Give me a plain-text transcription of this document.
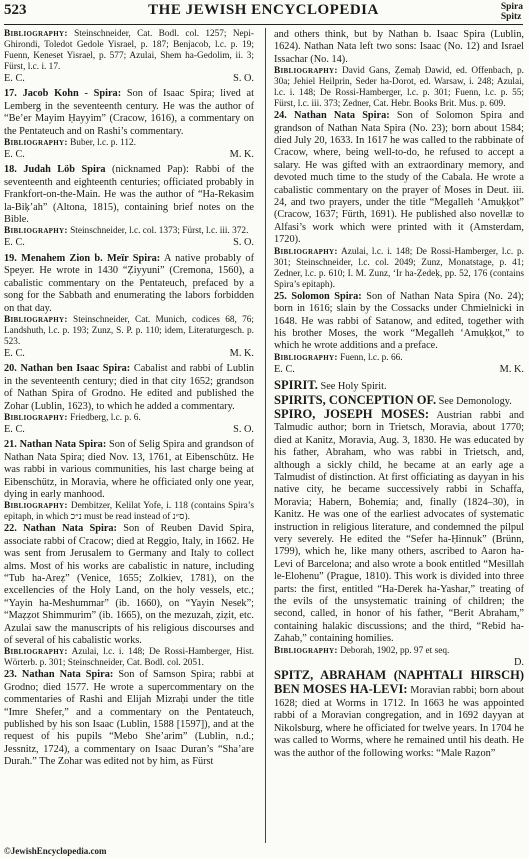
523	THE JEWISH ENCYCLOPEDIA	Spira
Spitz

Bibliography: Steinschneider, Cat. Bodl. col. 1257; Nepi-Ghirondi, Toledot Gedole Yisrael, p. 187; Benjacob, l.c. p. 19; Fuenn, Keneset Yisrael, p. 577; Azulai, Shem ha-Gedolim, ii. 3; Fürst, l.c. i. 17.

E. C.	S. O.

17. Jacob Kohn - Spira: Son of Isaac Spira; lived at Lemberg in the seventeenth century. He was the author of “Be’er Mayim Ḥayyim” (Cracow, 1616), a commentary on the Pentateuch and on Rashi’s commentary.

Bibliography: Buber, l.c. p. 112.

E. C.	M. K.

18. Judah Löb Spira (nicknamed Pap): Rabbi of the seventeenth and eighteenth centuries; officiated probably in Frankfort-on-the-Main. He was the author of “Ha-Rekasim la-Biḳ’ah” (Altona, 1815), containing brief notes on the Bible.

Bibliography: Steinschneider, l.c. col. 1373; Fürst, l.c. iii. 372.

E. C.	S. O.

19. Menahem Zion b. Meïr Spira: A native probably of Speyer. He wrote in 1430 “Ẓiyyuni” (Cremona, 1560), a cabalistic commentary on the Pentateuch, prefaced by a song for the Sabbath and enumerating the labors forbidden on that day.

Bibliography: Steinschneider, Cat. Munich, codices 68, 76; Landshuth, l.c. p. 193; Zunz, S. P. p. 110; idem, Literaturgesch. p. 523.

E. C.	M. K.

20. Nathan ben Isaac Spira: Cabalist and rabbi of Lublin in the seventeenth century; died in that city 1652; grandson of Nathan Spira of Grodno. He edited and published the Zohar (Lublin, 1623), to which he added a commentary.

Bibliography: Friedberg, l.c. p. 6.

E. C.	S. O.

21. Nathan Nata Spira: Son of Selig Spira and grandson of Nathan Nata Spira; died Nov. 13, 1761, at Eibenschütz. He was rabbi in various communities, his last charge being at Eibenschütz, in Moravia, where he officiated only one year, dying in early manhood.

Bibliography: Dembitzer, Kelilat Yofe, i. 118 (contains Spira’s epitaph, in which נ״כ must be read instead of ס״נ).

22. Nathan Nata Spira: Son of Reuben David Spira, associate rabbi of Cracow; died at Reggio, Italy, in 1662. He was sent from Jerusalem to Germany and Italy to collect alms. Most of his works are cabalistic in nature, including “Tub ha-Areẓ” (Venice, 1655; Zolkiev, 1781), on the excellencies of the Holy Land, on the holy vessels, etc.; “Yayin ha-Meshummar” (ib. 1660), on “Yayin Nesek”; “Maẓẓot Shimmurim” (ib. 1665), on the mezuzah, ẓiẓit, etc. Azulai saw the manuscripts of his religious discourses and of several of his cabalistic works.

Bibliography: Azulai, l.c. i. 148; De Rossi-Hamberger, Hist. Wörterb. p. 301; Steinschneider, Cat. Bodl. col. 2051.

23. Nathan Nata Spira: Son of Samson Spira; rabbi at Grodno; died 1577. He wrote a supercommentary on the commentaries of Rashi and Elijah Mizraḥi under the title “Imre Shefer,” and a commentary on the Pentateuch, published by his son Isaac (Lublin, 1588 [1597]), and at the request of his pupils “Mebo She’arim” (Lublin, n.d.; Jessnitz, 1724), a commentary on Isaac Duran’s “Sha’are Durah.” The Zohar was edited not by him, as Fürst

and others think, but by Nathan b. Isaac Spira (Lublin, 1624). Nathan Nata left two sons: Isaac (No. 12) and Israel Issachar (No. 14).

Bibliography: David Gans, Ẓemaḥ Dawid, ed. Offenbach, p. 30a; Jehiel Heilprin, Seder ha-Dorot, ed. Warsaw, i. 248; Azulai, l.c. i. 148; De Rossi-Hamberger, l.c. p. 301; Fuenn, l.c. p. 55; Fürst, l.c. iii. 373; Zedner, Cat. Hebr. Books Brit. Mus. p. 609.

24. Nathan Nata Spira: Son of Solomon Spira and grandson of Nathan Nata Spira (No. 23); born about 1584; died July 20, 1633. In 1617 he was called to the rabbinate of Cracow, where, being well-to-do, he refused to accept a salary. He was gifted with an extraordinary memory, and devoted much time to the study of the Cabala. He wrote a cabalistic commentary on the prayer of Moses in Deut. iii. 24, and two prayers, under the title “Megalleh ‘Amuḳḳot” (Cracow, 1637; Fürth, 1691). He published also novellæ to Alfasi’s work which were printed with it (Amsterdam, 1720).

Bibliography: Azulai, l.c. i. 148; De Rossi-Hamberger, l.c. p. 301; Steinschneider, l.c. col. 2049; Zunz, Monatstage, p. 41; Zedner, l.c. p. 610; I. M. Zunz, ‘Ir ha-Ẓedeḳ, pp. 52, 176 (contains Spira’s epitaph).

25. Solomon Spira: Son of Nathan Nata Spira (No. 24); born in 1616; slain by the Cossacks under Chmielnicki in 1648. He was rabbi of Satanow, and edited, together with his brother Moses, the work “Megalleh ‘Amuḳḳot,” to which he wrote additions and a preface.

Bibliography: Fuenn, l.c. p. 66.

E. C.	M. K.

SPIRIT. See Holy Spirit.

SPIRITS, CONCEPTION OF. See Demonology.

SPIRO, JOSEPH MOSES: Austrian rabbi and Talmudic author; born in Trietsch, Moravia, about 1770; died at Kanitz, Moravia, Aug. 3, 1830. He was educated by his father, Abraham, who was rabbi in Trietsch, and, although a sickly child, he became at an early age a Talmudist of distinction. At first officiating as dayyan in his native city, he became successively rabbi in Schaffa, Moravia; Habern, Bohemia; and, finally (1824–30), in Kanitz. He was one of the earliest advocates of systematic instruction in religious literature, and condemned the pilpul very severely. He edited the “Sefer ha-Ḥinnuk” (Brünn, 1799), which he, like many others, ascribed to Aaron ha-Levi of Barcelona; and also wrote a book entitled “Mesillah le-Elohenu” (Prague, 1810). This work is divided into three parts: the first, entitled “Ha-Derek ha-Yashar,” treating of the evils of the unsystematic training of children; the second, called, in honor of his father, “Berit Abraham,” containing halakic discussions; and the third, “Rebid ha-Zahab,” containing homilies.

Bibliography: Deborah, 1902, pp. 97 et seq.

D.

SPITZ, ABRAHAM (NAPHTALI HIRSCH) BEN MOSES HA-LEVI: Moravian rabbi; born about 1628; died at Worms in 1712. In 1663 he was appointed rabbi of a Moravian congregation, and in 1692 dayyan at Nikolsburg, where he officiated for twelve years. In 1704 he was called to Worms, where he remained until his death. He was the author of the following works: “Male Raẓon”

©JewishEncyclopedia.com
